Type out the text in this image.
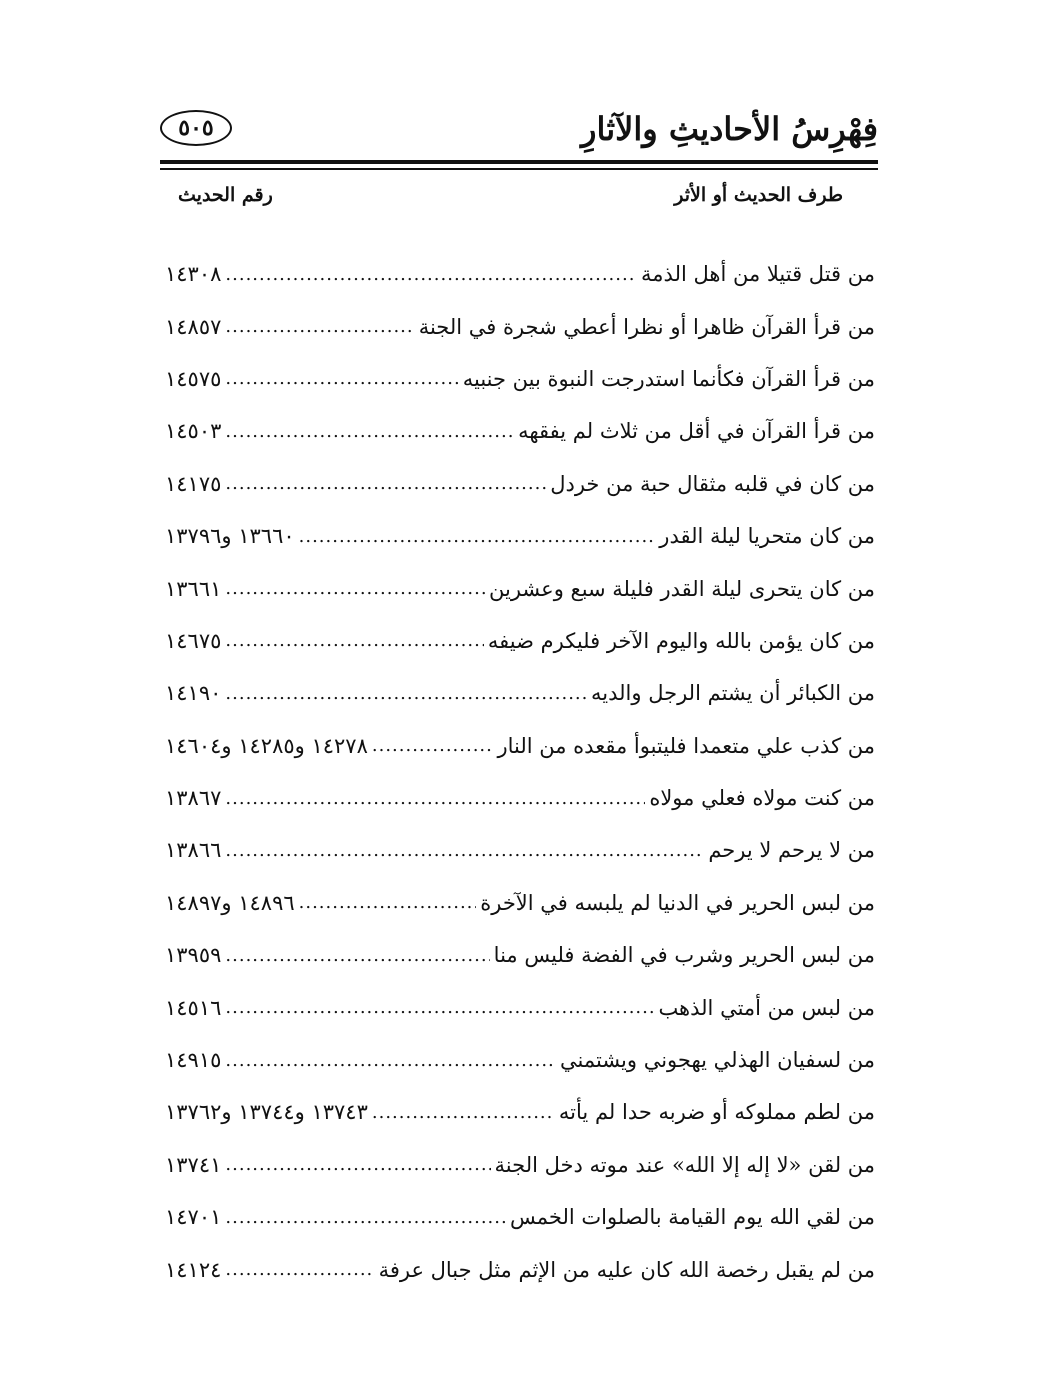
فِهْرِسُ الأحاديثِ والآثارِ
٥٠٥
طرف الحديث أو الأثر
رقم الحديث
من قتل قتيلا من أهل الذمة
.....
١٤٣٠٨
من قرأ القرآن ظاهرا أو نظرا أعطي شجرة في الجنة
.....
١٤٨٥٧
من قرأ القرآن فكأنما استدرجت النبوة بين جنبيه
.....
١٤٥٧٥
من قرأ القرآن في أقل من ثلاث لم يفقهه
.....
١٤٥٠٣
من كان في قلبه مثقال حبة من خردل
.....
١٤١٧٥
من كان متحريا ليلة القدر
.....
١٣٦٦٠ و١٣٧٩٦
من كان يتحرى ليلة القدر فليلة سبع وعشرين
.....
١٣٦٦١
من كان يؤمن بالله واليوم الآخر فليكرم ضيفه
.....
١٤٦٧٥
من الكبائر أن يشتم الرجل والديه
.....
١٤١٩٠
من كذب علي متعمدا فليتبوأ مقعده من النار
.....
١٤٢٧٨ و١٤٢٨٥ و١٤٦٠٤
من كنت مولاه فعلي مولاه
.....
١٣٨٦٧
من لا يرحم لا يرحم
.....
١٣٨٦٦
من لبس الحرير في الدنيا لم يلبسه في الآخرة
.....
١٤٨٩٦ و١٤٨٩٧
من لبس الحرير وشرب في الفضة فليس منا
.....
١٣٩٥٩
من لبس من أمتي الذهب
.....
١٤٥١٦
من لسفيان الهذلي يهجوني ويشتمني
.....
١٤٩١٥
من لطم مملوكه أو ضربه حدا لم يأته
.....
١٣٧٤٣ و١٣٧٤٤ و١٣٧٦٢
من لقن «لا إله إلا الله» عند موته دخل الجنة
.....
١٣٧٤١
من لقي الله يوم القيامة بالصلوات الخمس
.....
١٤٧٠١
من لم يقبل رخصة الله كان عليه من الإثم مثل جبال عرفة
.....
١٤١٢٤
